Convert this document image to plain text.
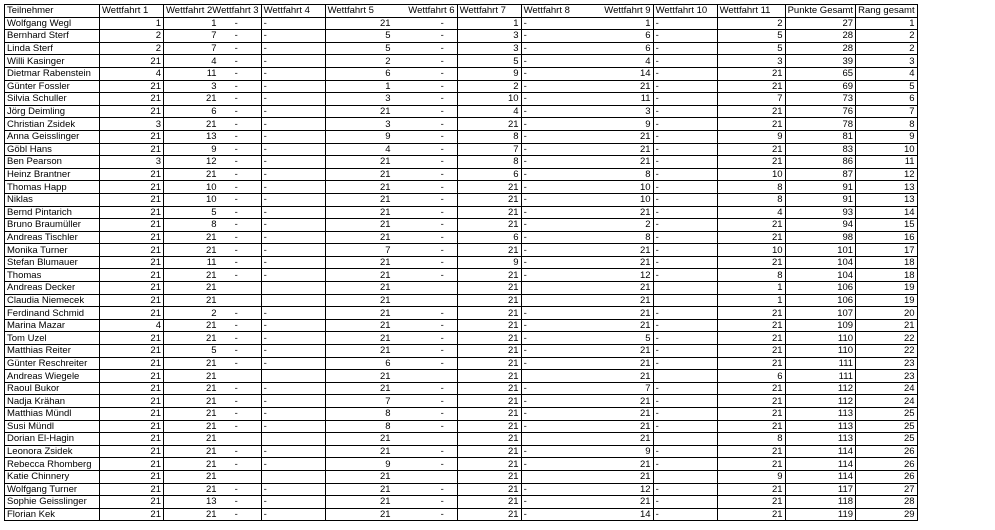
Teilnehmer	Wettfahrt 1	Wettfahrt 2 Wettfahrt 3	Wettfahrt 4	Wettfahrt 5 Wettfahrt 6	Wettfahrt 7	Wettfahrt 8 Wettfahrt 9	Wettfahrt 10	Wettfahrt 11	Punkte Gesamt	Rang gesamt
Wolfgang Wegl	1	1 -	-	21 -	1	- 1	-	2	27	1
Bernhard Sterf	2	7 -	-	5 -	3	- 6	-	5	28	2
Linda Sterf	2	7 -	-	5 -	3	- 6	-	5	28	2
Willi Kasinger	21	4 -	-	2 -	5	- 4	-	3	39	3
Dietmar Rabenstein	4	11 -	-	6 -	9	- 14	-	21	65	4
Günter Fossler	21	3 -	-	1 -	2	- 21	-	21	69	5
Silvia Schuller	21	21 -	-	3 -	10	- 11	-	7	73	6
Jörg Deimling	21	6 -	-	21 -	4	- 3	-	21	76	7
Christian Zsidek	3	21 -	-	3 -	21	- 9	-	21	78	8
Anna Geisslinger	21	13 -	-	9 -	8	- 21	-	9	81	9
Göbl Hans	21	9 -	-	4 -	7	- 21	-	21	83	10
Ben Pearson	3	12 -	-	21 -	8	- 21	-	21	86	11
Heinz Brantner	21	21 -	-	21 -	6	- 8	-	10	87	12
Thomas Happ	21	10 -	-	21 -	21	- 10	-	8	91	13
Niklas	21	10 -	-	21 -	21	- 10	-	8	91	13
Bernd Pintarich	21	5 -	-	21 -	21	- 21	-	4	93	14
Bruno Braumüller	21	8 -	-	21 -	21	- 2	-	21	94	15
Andreas Tischler	21	21 -	-	21 -	6	- 8	-	21	98	16
Monika Turner	21	21 -	-	7 -	21	- 21	-	10	101	17
Stefan Blumauer	21	11 -	-	21 -	9	- 21	-	21	104	18
Thomas	21	21 -	-	21 -	21	- 12	-	8	104	18
Andreas Decker	21	21		21	21	21		1	106	19
Claudia Niemecek	21	21		21	21	21		1	106	19
Ferdinand Schmid	21	2 -	-	21 -	21	- 21	-	21	107	20
Marina Mazar	4	21 -	-	21 -	21	- 21	-	21	109	21
Tom Uzel	21	21 -	-	21 -	21	- 5	-	21	110	22
Matthias Reiter	21	5 -	-	21 -	21	- 21	-	21	110	22
Günter Reschreiter	21	21 -	-	6 -	21	- 21	-	21	111	23
Andreas Wiegele	21	21		21	21	21		6	111	23
Raoul Bukor	21	21 -	-	21 -	21	- 7	-	21	112	24
Nadja Krähan	21	21 -	-	7 -	21	- 21	-	21	112	24
Matthias Mündl	21	21 -	-	8 -	21	- 21	-	21	113	25
Susi Mündl	21	21 -	-	8 -	21	- 21	-	21	113	25
Dorian El-Hagin	21	21		21	21	21		8	113	25
Leonora Zsidek	21	21 -	-	21 -	21	- 9	-	21	114	26
Rebecca Rhomberg	21	21 -	-	9 -	21	- 21	-	21	114	26
Katie Chinnery	21	21		21	21	21		9	114	26
Wolfgang Turner	21	21 -	-	21 -	21	- 12	-	21	117	27
Sophie Geisslinger	21	13 -	-	21 -	21	- 21	-	21	118	28
Florian Kek	21	21 -	-	21 -	21	- 14	-	21	119	29
